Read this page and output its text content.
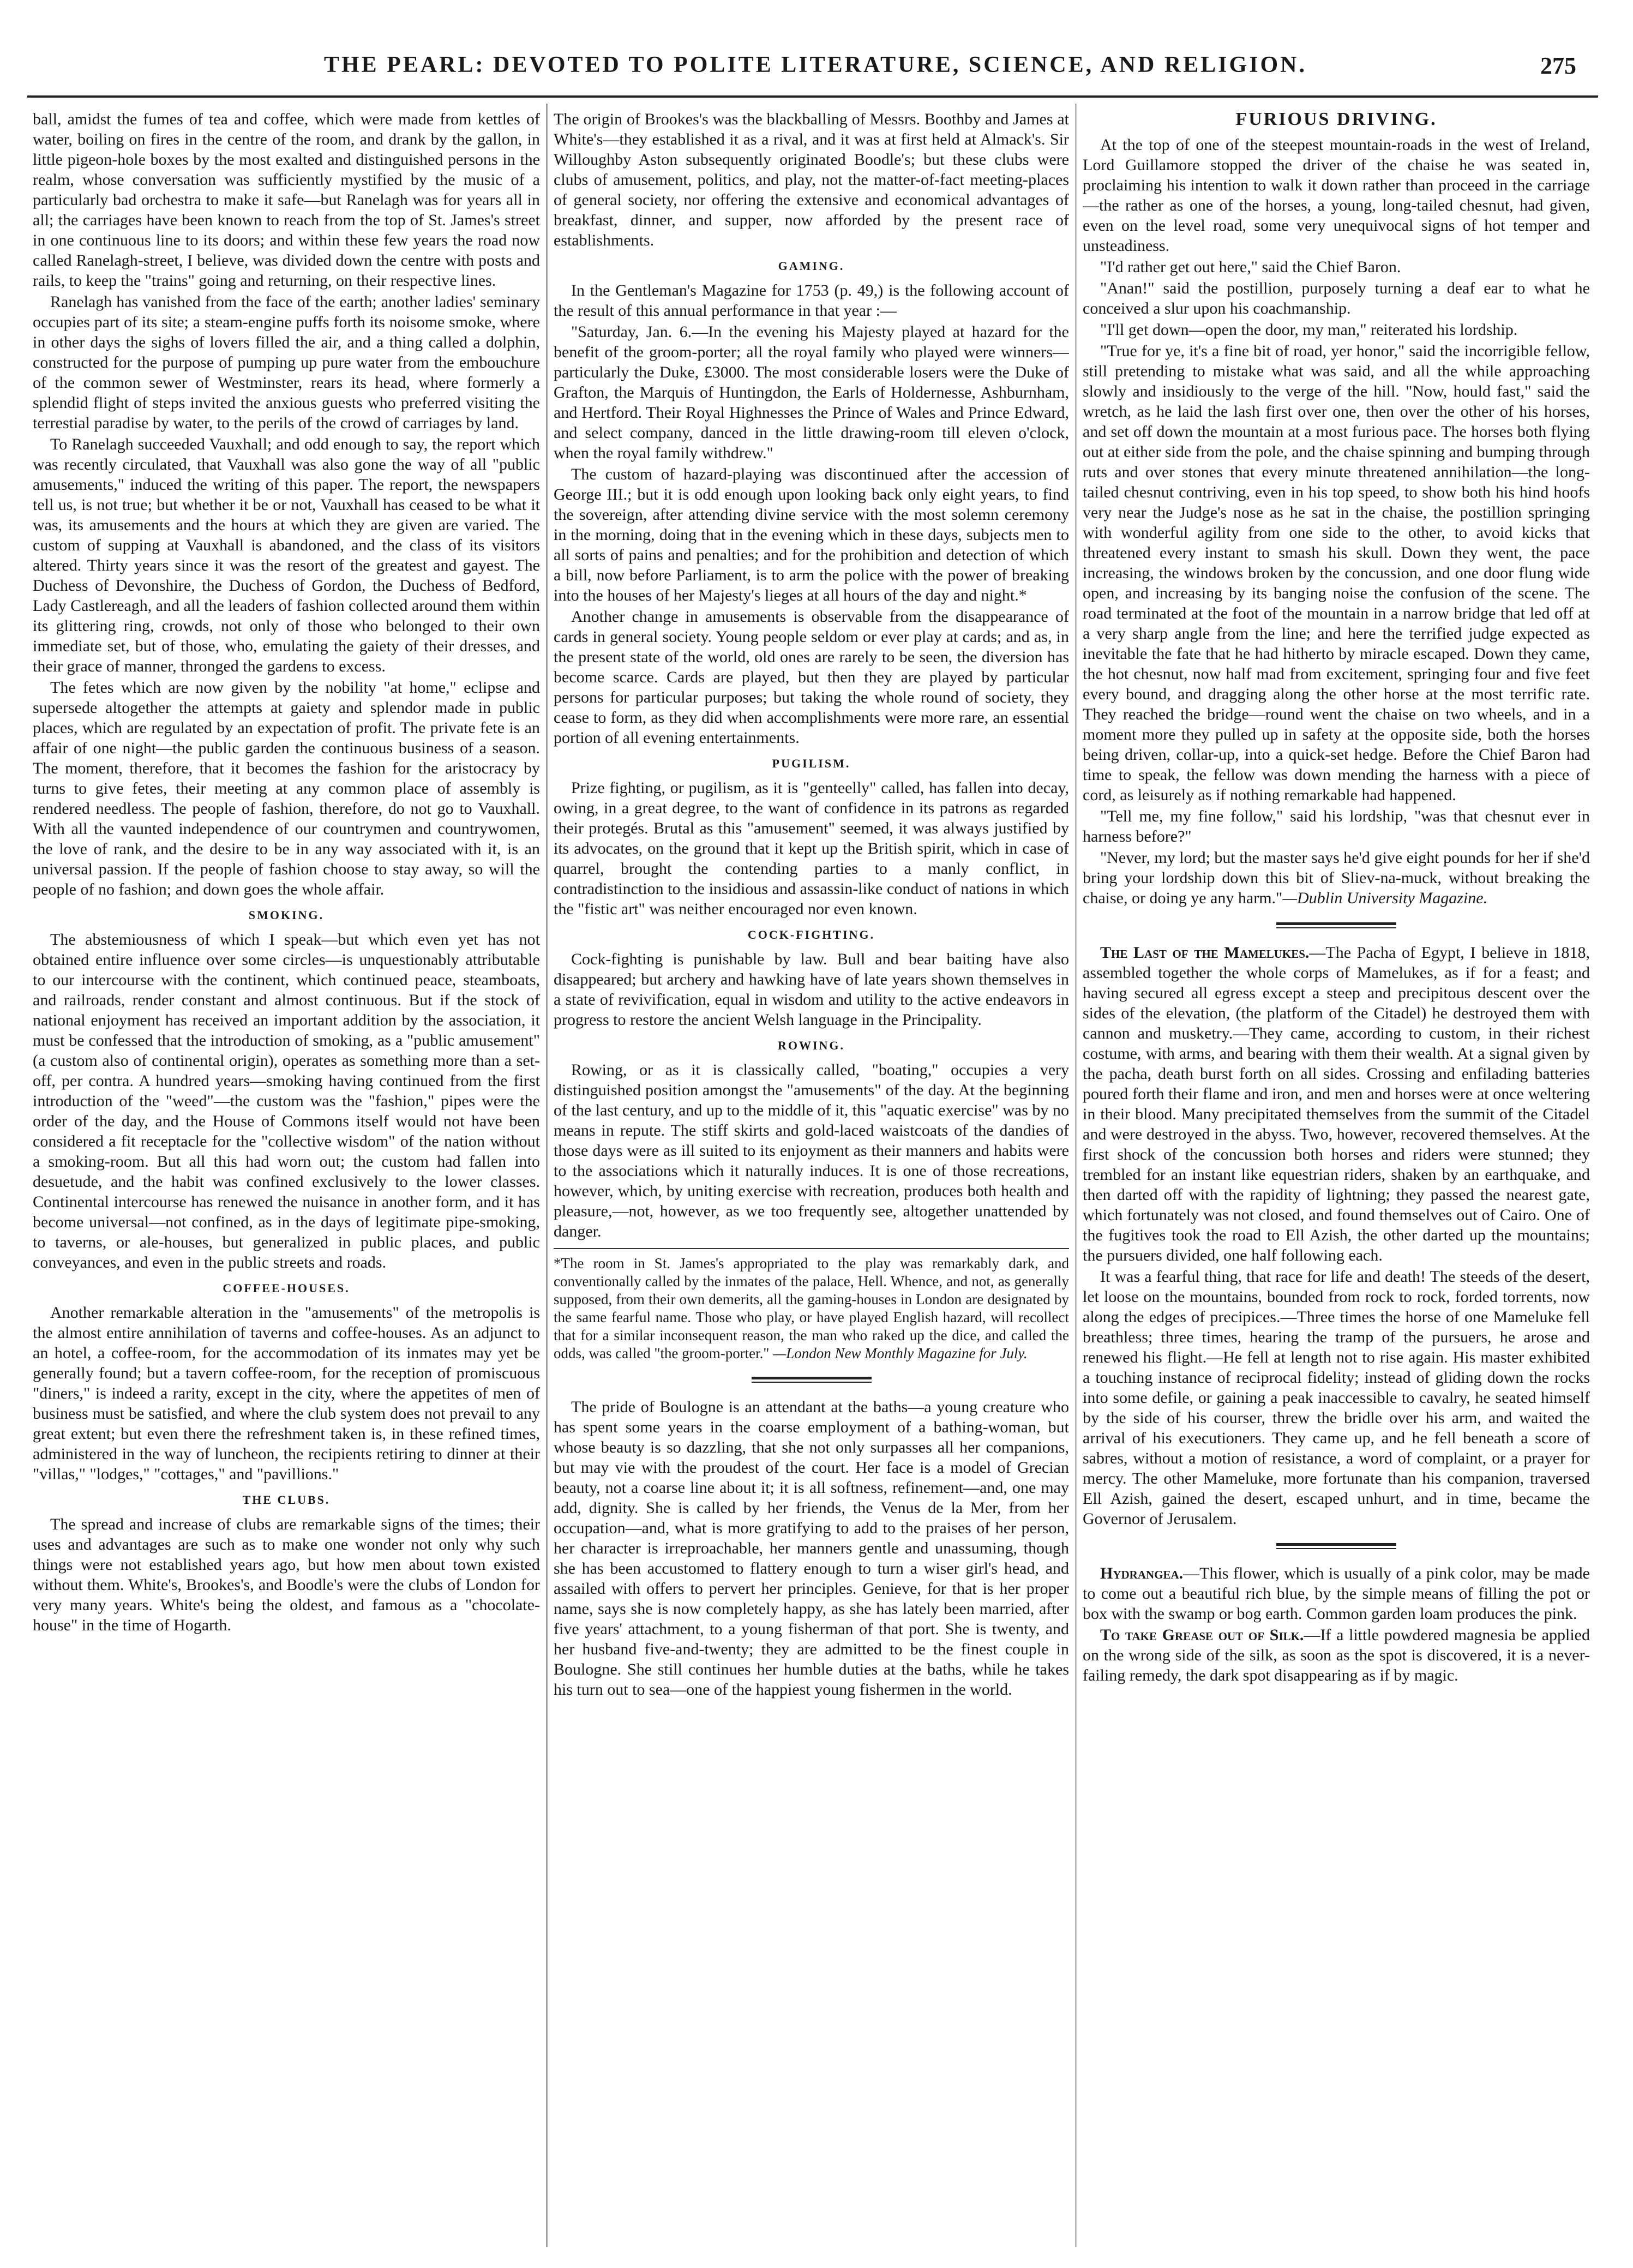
THE PEARL: DEVOTED TO POLITE LITERATURE, SCIENCE, AND RELIGION.	275

ball, amidst the fumes of tea and coffee, which were made from kettles of water, boiling on fires in the centre of the room, and drank by the gallon, in little pigeon-hole boxes by the most exalted and distinguished persons in the realm, whose conversation was sufficiently mystified by the music of a particularly bad orchestra to make it safe—but Ranelagh was for years all in all; the carriages have been known to reach from the top of St. James's street in one continuous line to its doors; and within these few years the road now called Ranelagh-street, I believe, was divided down the centre with posts and rails, to keep the "trains" going and returning, on their respective lines.

Ranelagh has vanished from the face of the earth; another ladies' seminary occupies part of its site; a steam-engine puffs forth its noisome smoke, where in other days the sighs of lovers filled the air, and a thing called a dolphin, constructed for the purpose of pumping up pure water from the embouchure of the common sewer of Westminster, rears its head, where formerly a splendid flight of steps invited the anxious guests who preferred visiting the terrestial paradise by water, to the perils of the crowd of carriages by land.

To Ranelagh succeeded Vauxhall; and odd enough to say, the report which was recently circulated, that Vauxhall was also gone the way of all "public amusements," induced the writing of this paper. The report, the newspapers tell us, is not true; but whether it be or not, Vauxhall has ceased to be what it was, its amusements and the hours at which they are given are varied. The custom of supping at Vauxhall is abandoned, and the class of its visitors altered. Thirty years since it was the resort of the greatest and gayest. The Duchess of Devonshire, the Duchess of Gordon, the Duchess of Bedford, Lady Castlereagh, and all the leaders of fashion collected around them within its glittering ring, crowds, not only of those who belonged to their own immediate set, but of those, who, emulating the gaiety of their dresses, and their grace of manner, thronged the gardens to excess.

The fetes which are now given by the nobility "at home," eclipse and supersede altogether the attempts at gaiety and splendor made in public places, which are regulated by an expectation of profit. The private fete is an affair of one night—the public garden the continuous business of a season. The moment, therefore, that it becomes the fashion for the aristocracy by turns to give fetes, their meeting at any common place of assembly is rendered needless. The people of fashion, therefore, do not go to Vauxhall. With all the vaunted independence of our countrymen and countrywomen, the love of rank, and the desire to be in any way associated with it, is an universal passion. If the people of fashion choose to stay away, so will the people of no fashion; and down goes the whole affair.

SMOKING.

The abstemiousness of which I speak—but which even yet has not obtained entire influence over some circles—is unquestionably attributable to our intercourse with the continent, which continued peace, steamboats, and railroads, render constant and almost continuous. But if the stock of national enjoyment has received an important addition by the association, it must be confessed that the introduction of smoking, as a "public amusement" (a custom also of continental origin), operates as something more than a set-off, per contra. A hundred years—smoking having continued from the first introduction of the "weed"—the custom was the "fashion," pipes were the order of the day, and the House of Commons itself would not have been considered a fit receptacle for the "collective wisdom" of the nation without a smoking-room. But all this had worn out; the custom had fallen into desuetude, and the habit was confined exclusively to the lower classes. Continental intercourse has renewed the nuisance in another form, and it has become universal—not confined, as in the days of legitimate pipe-smoking, to taverns, or ale-houses, but generalized in public places, and public conveyances, and even in the public streets and roads.

COFFEE-HOUSES.

Another remarkable alteration in the "amusements" of the metropolis is the almost entire annihilation of taverns and coffee-houses. As an adjunct to an hotel, a coffee-room, for the accommodation of its inmates may yet be generally found; but a tavern coffee-room, for the reception of promiscuous "diners," is indeed a rarity, except in the city, where the appetites of men of business must be satisfied, and where the club system does not prevail to any great extent; but even there the refreshment taken is, in these refined times, administered in the way of luncheon, the recipients retiring to dinner at their "villas," "lodges," "cottages," and "pavillions."

THE CLUBS.

The spread and increase of clubs are remarkable signs of the times; their uses and advantages are such as to make one wonder not only why such things were not established years ago, but how men about town existed without them. White's, Brookes's, and Boodle's were the clubs of London for very many years. White's being the oldest, and famous as a "chocolate-house" in the time of Hogarth.

The origin of Brookes's was the blackballing of Messrs. Boothby and James at White's—they established it as a rival, and it was at first held at Almack's. Sir Willoughby Aston subsequently originated Boodle's; but these clubs were clubs of amusement, politics, and play, not the matter-of-fact meeting-places of general society, nor offering the extensive and economical advantages of breakfast, dinner, and supper, now afforded by the present race of establishments.

GAMING.

In the Gentleman's Magazine for 1753 (p. 49,) is the following account of the result of this annual performance in that year :—

"Saturday, Jan. 6.—In the evening his Majesty played at hazard for the benefit of the groom-porter; all the royal family who played were winners—particularly the Duke, £3000. The most considerable losers were the Duke of Grafton, the Marquis of Huntingdon, the Earls of Holdernesse, Ashburnham, and Hertford. Their Royal Highnesses the Prince of Wales and Prince Edward, and select company, danced in the little drawing-room till eleven o'clock, when the royal family withdrew."

The custom of hazard-playing was discontinued after the accession of George III.; but it is odd enough upon looking back only eight years, to find the sovereign, after attending divine service with the most solemn ceremony in the morning, doing that in the evening which in these days, subjects men to all sorts of pains and penalties; and for the prohibition and detection of which a bill, now before Parliament, is to arm the police with the power of breaking into the houses of her Majesty's lieges at all hours of the day and night.*

Another change in amusements is observable from the disappearance of cards in general society. Young people seldom or ever play at cards; and as, in the present state of the world, old ones are rarely to be seen, the diversion has become scarce. Cards are played, but then they are played by particular persons for particular purposes; but taking the whole round of society, they cease to form, as they did when accomplishments were more rare, an essential portion of all evening entertainments.

PUGILISM.

Prize fighting, or pugilism, as it is "genteelly" called, has fallen into decay, owing, in a great degree, to the want of confidence in its patrons as regarded their protegés. Brutal as this "amusement" seemed, it was always justified by its advocates, on the ground that it kept up the British spirit, which in case of quarrel, brought the contending parties to a manly conflict, in contradistinction to the insidious and assassin-like conduct of nations in which the "fistic art" was neither encouraged nor even known.

COCK-FIGHTING.

Cock-fighting is punishable by law. Bull and bear baiting have also disappeared; but archery and hawking have of late years shown themselves in a state of revivification, equal in wisdom and utility to the active endeavors in progress to restore the ancient Welsh language in the Principality.

ROWING.

Rowing, or as it is classically called, "boating," occupies a very distinguished position amongst the "amusements" of the day. At the beginning of the last century, and up to the middle of it, this "aquatic exercise" was by no means in repute. The stiff skirts and gold-laced waistcoats of the dandies of those days were as ill suited to its enjoyment as their manners and habits were to the associations which it naturally induces. It is one of those recreations, however, which, by uniting exercise with recreation, produces both health and pleasure,—not, however, as we too frequently see, altogether unattended by danger.

*The room in St. James's appropriated to the play was remarkably dark, and conventionally called by the inmates of the palace, Hell. Whence, and not, as generally supposed, from their own demerits, all the gaming-houses in London are designated by the same fearful name. Those who play, or have played English hazard, will recollect that for a similar inconsequent reason, the man who raked up the dice, and called the odds, was called "the groom-porter." —London New Monthly Magazine for July.

The pride of Boulogne is an attendant at the baths—a young creature who has spent some years in the coarse employment of a bathing-woman, but whose beauty is so dazzling, that she not only surpasses all her companions, but may vie with the proudest of the court. Her face is a model of Grecian beauty, not a coarse line about it; it is all softness, refinement—and, one may add, dignity. She is called by her friends, the Venus de la Mer, from her occupation—and, what is more gratifying to add to the praises of her person, her character is irreproachable, her manners gentle and unassuming, though she has been accustomed to flattery enough to turn a wiser girl's head, and assailed with offers to pervert her principles. Genieve, for that is her proper name, says she is now completely happy, as she has lately been married, after five years' attachment, to a young fisherman of that port. She is twenty, and her husband five-and-twenty; they are admitted to be the finest couple in Boulogne. She still continues her humble duties at the baths, while he takes his turn out to sea—one of the happiest young fishermen in the world.

FURIOUS DRIVING.

At the top of one of the steepest mountain-roads in the west of Ireland, Lord Guillamore stopped the driver of the chaise he was seated in, proclaiming his intention to walk it down rather than proceed in the carriage—the rather as one of the horses, a young, long-tailed chesnut, had given, even on the level road, some very unequivocal signs of hot temper and unsteadiness.

"I'd rather get out here," said the Chief Baron.

"Anan!" said the postillion, purposely turning a deaf ear to what he conceived a slur upon his coachmanship.

"I'll get down—open the door, my man," reiterated his lordship.

"True for ye, it's a fine bit of road, yer honor," said the incorrigible fellow, still pretending to mistake what was said, and all the while approaching slowly and insidiously to the verge of the hill. "Now, hould fast," said the wretch, as he laid the lash first over one, then over the other of his horses, and set off down the mountain at a most furious pace. The horses both flying out at either side from the pole, and the chaise spinning and bumping through ruts and over stones that every minute threatened annihilation—the long-tailed chesnut contriving, even in his top speed, to show both his hind hoofs very near the Judge's nose as he sat in the chaise, the postillion springing with wonderful agility from one side to the other, to avoid kicks that threatened every instant to smash his skull. Down they went, the pace increasing, the windows broken by the concussion, and one door flung wide open, and increasing by its banging noise the confusion of the scene. The road terminated at the foot of the mountain in a narrow bridge that led off at a very sharp angle from the line; and here the terrified judge expected as inevitable the fate that he had hitherto by miracle escaped. Down they came, the hot chesnut, now half mad from excitement, springing four and five feet every bound, and dragging along the other horse at the most terrific rate. They reached the bridge—round went the chaise on two wheels, and in a moment more they pulled up in safety at the opposite side, both the horses being driven, collar-up, into a quick-set hedge. Before the Chief Baron had time to speak, the fellow was down mending the harness with a piece of cord, as leisurely as if nothing remarkable had happened.

"Tell me, my fine follow," said his lordship, "was that chesnut ever in harness before?"

"Never, my lord; but the master says he'd give eight pounds for her if she'd bring your lordship down this bit of Sliev-na-muck, without breaking the chaise, or doing ye any harm."—Dublin University Magazine.

The Last of the Mamelukes.—The Pacha of Egypt, I believe in 1818, assembled together the whole corps of Mamelukes, as if for a feast; and having secured all egress except a steep and precipitous descent over the sides of the elevation, (the platform of the Citadel) he destroyed them with cannon and musketry.—They came, according to custom, in their richest costume, with arms, and bearing with them their wealth. At a signal given by the pacha, death burst forth on all sides. Crossing and enfilading batteries poured forth their flame and iron, and men and horses were at once weltering in their blood. Many precipitated themselves from the summit of the Citadel and were destroyed in the abyss. Two, however, recovered themselves. At the first shock of the concussion both horses and riders were stunned; they trembled for an instant like equestrian riders, shaken by an earthquake, and then darted off with the rapidity of lightning; they passed the nearest gate, which fortunately was not closed, and found themselves out of Cairo. One of the fugitives took the road to Ell Azish, the other darted up the mountains; the pursuers divided, one half following each.

It was a fearful thing, that race for life and death! The steeds of the desert, let loose on the mountains, bounded from rock to rock, forded torrents, now along the edges of precipices.—Three times the horse of one Mameluke fell breathless; three times, hearing the tramp of the pursuers, he arose and renewed his flight.—He fell at length not to rise again. His master exhibited a touching instance of reciprocal fidelity; instead of gliding down the rocks into some defile, or gaining a peak inaccessible to cavalry, he seated himself by the side of his courser, threw the bridle over his arm, and waited the arrival of his executioners. They came up, and he fell beneath a score of sabres, without a motion of resistance, a word of complaint, or a prayer for mercy. The other Mameluke, more fortunate than his companion, traversed Ell Azish, gained the desert, escaped unhurt, and in time, became the Governor of Jerusalem.

Hydrangea.—This flower, which is usually of a pink color, may be made to come out a beautiful rich blue, by the simple means of filling the pot or box with the swamp or bog earth. Common garden loam produces the pink.

To take Grease out of Silk.—If a little powdered magnesia be applied on the wrong side of the silk, as soon as the spot is discovered, it is a never-failing remedy, the dark spot disappearing as if by magic.
